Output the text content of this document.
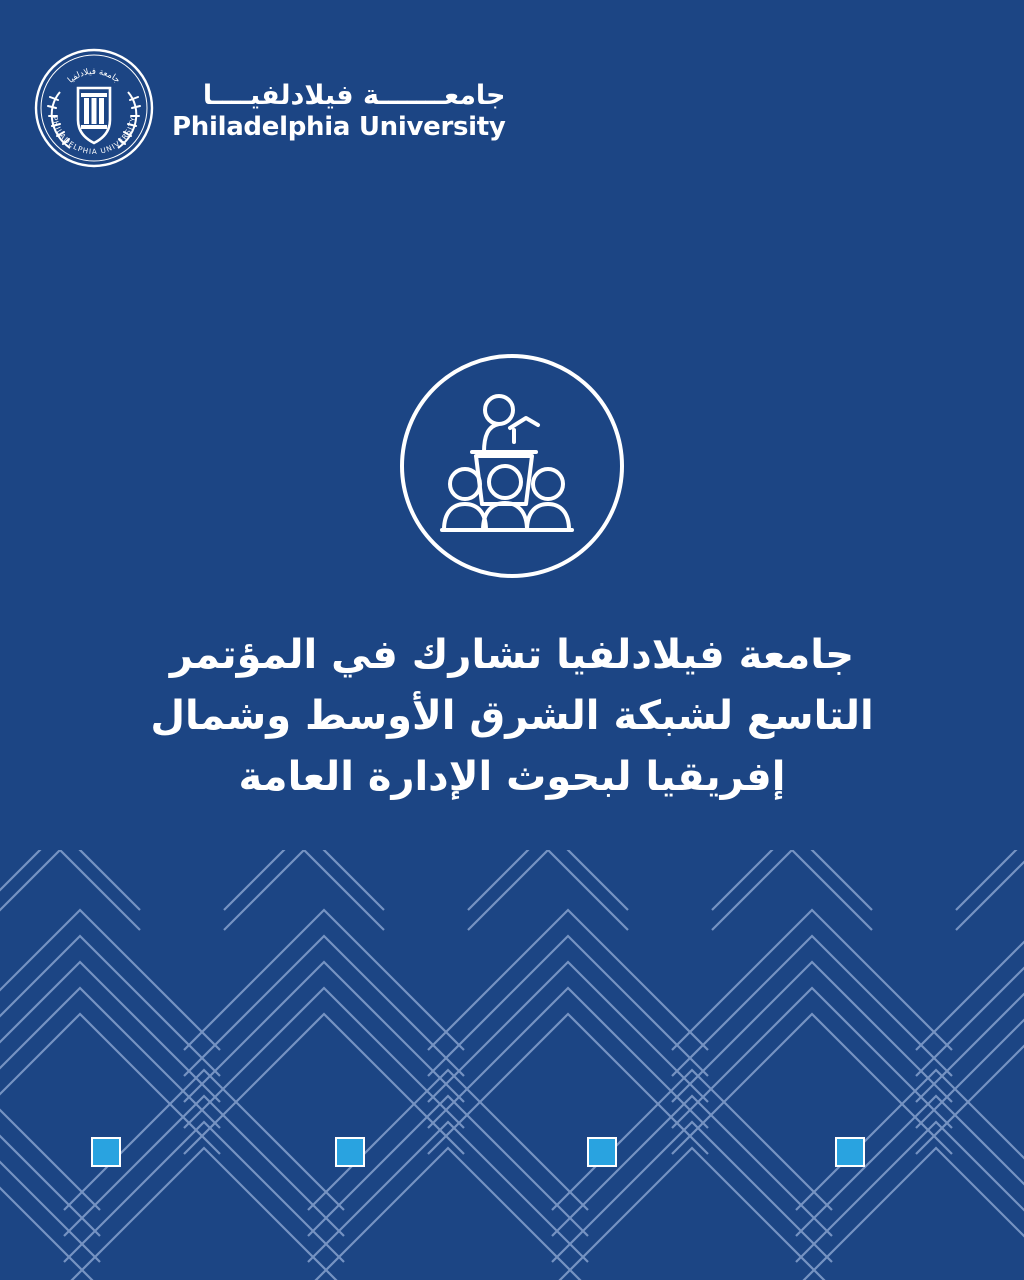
جامعة فيلادلفيا
PHILADELPHIA UNIVERSITY
جامعـــــــة فيلادلفيــــا
Philadelphia University
جامعة فيلادلفيا تشارك في المؤتمر التاسع لشبكة الشرق الأوسط وشمال إفريقيا لبحوث الإدارة العامة
